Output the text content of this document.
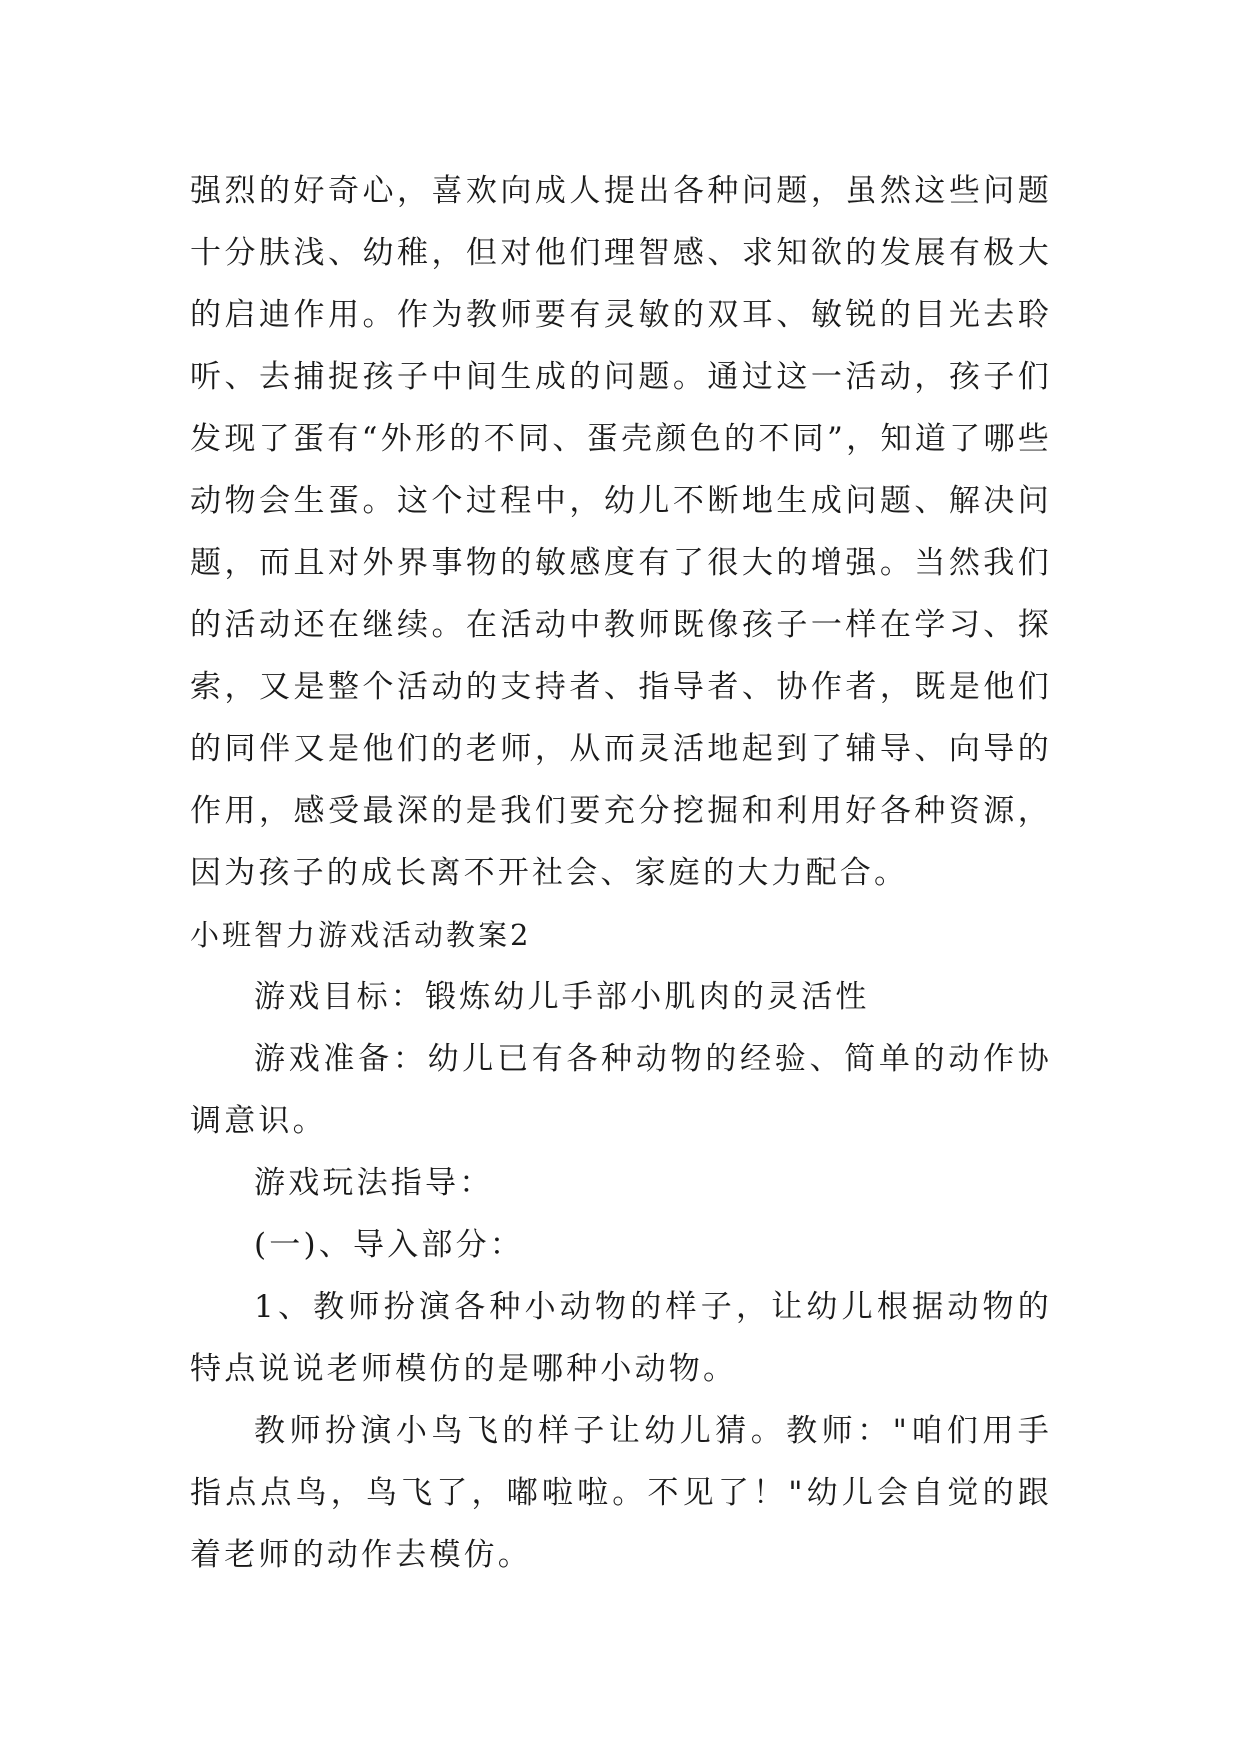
强烈的好奇心，喜欢向成人提出各种问题，虽然这些问题十分肤浅、幼稚，但对他们理智感、求知欲的发展有极大的启迪作用。作为教师要有灵敏的双耳、敏锐的目光去聆听、去捕捉孩子中间生成的问题。通过这一活动，孩子们发现了蛋有“外形的不同、蛋壳颜色的不同”，知道了哪些动物会生蛋。这个过程中，幼儿不断地生成问题、解决问题，而且对外界事物的敏感度有了很大的增强。当然我们的活动还在继续。在活动中教师既像孩子一样在学习、探索，又是整个活动的支持者、指导者、协作者，既是他们的同伴又是他们的老师，从而灵活地起到了辅导、向导的作用，感受最深的是我们要充分挖掘和利用好各种资源，因为孩子的成长离不开社会、家庭的大力配合。

小班智力游戏活动教案2

游戏目标：锻炼幼儿手部小肌肉的灵活性

游戏准备：幼儿已有各种动物的经验、简单的动作协调意识。

游戏玩法指导：

(一)、导入部分：

1、教师扮演各种小动物的样子，让幼儿根据动物的特点说说老师模仿的是哪种小动物。

教师扮演小鸟飞的样子让幼儿猜。教师："咱们用手指点点鸟，鸟飞了，嘟啦啦。不见了！"幼儿会自觉的跟着老师的动作去模仿。
